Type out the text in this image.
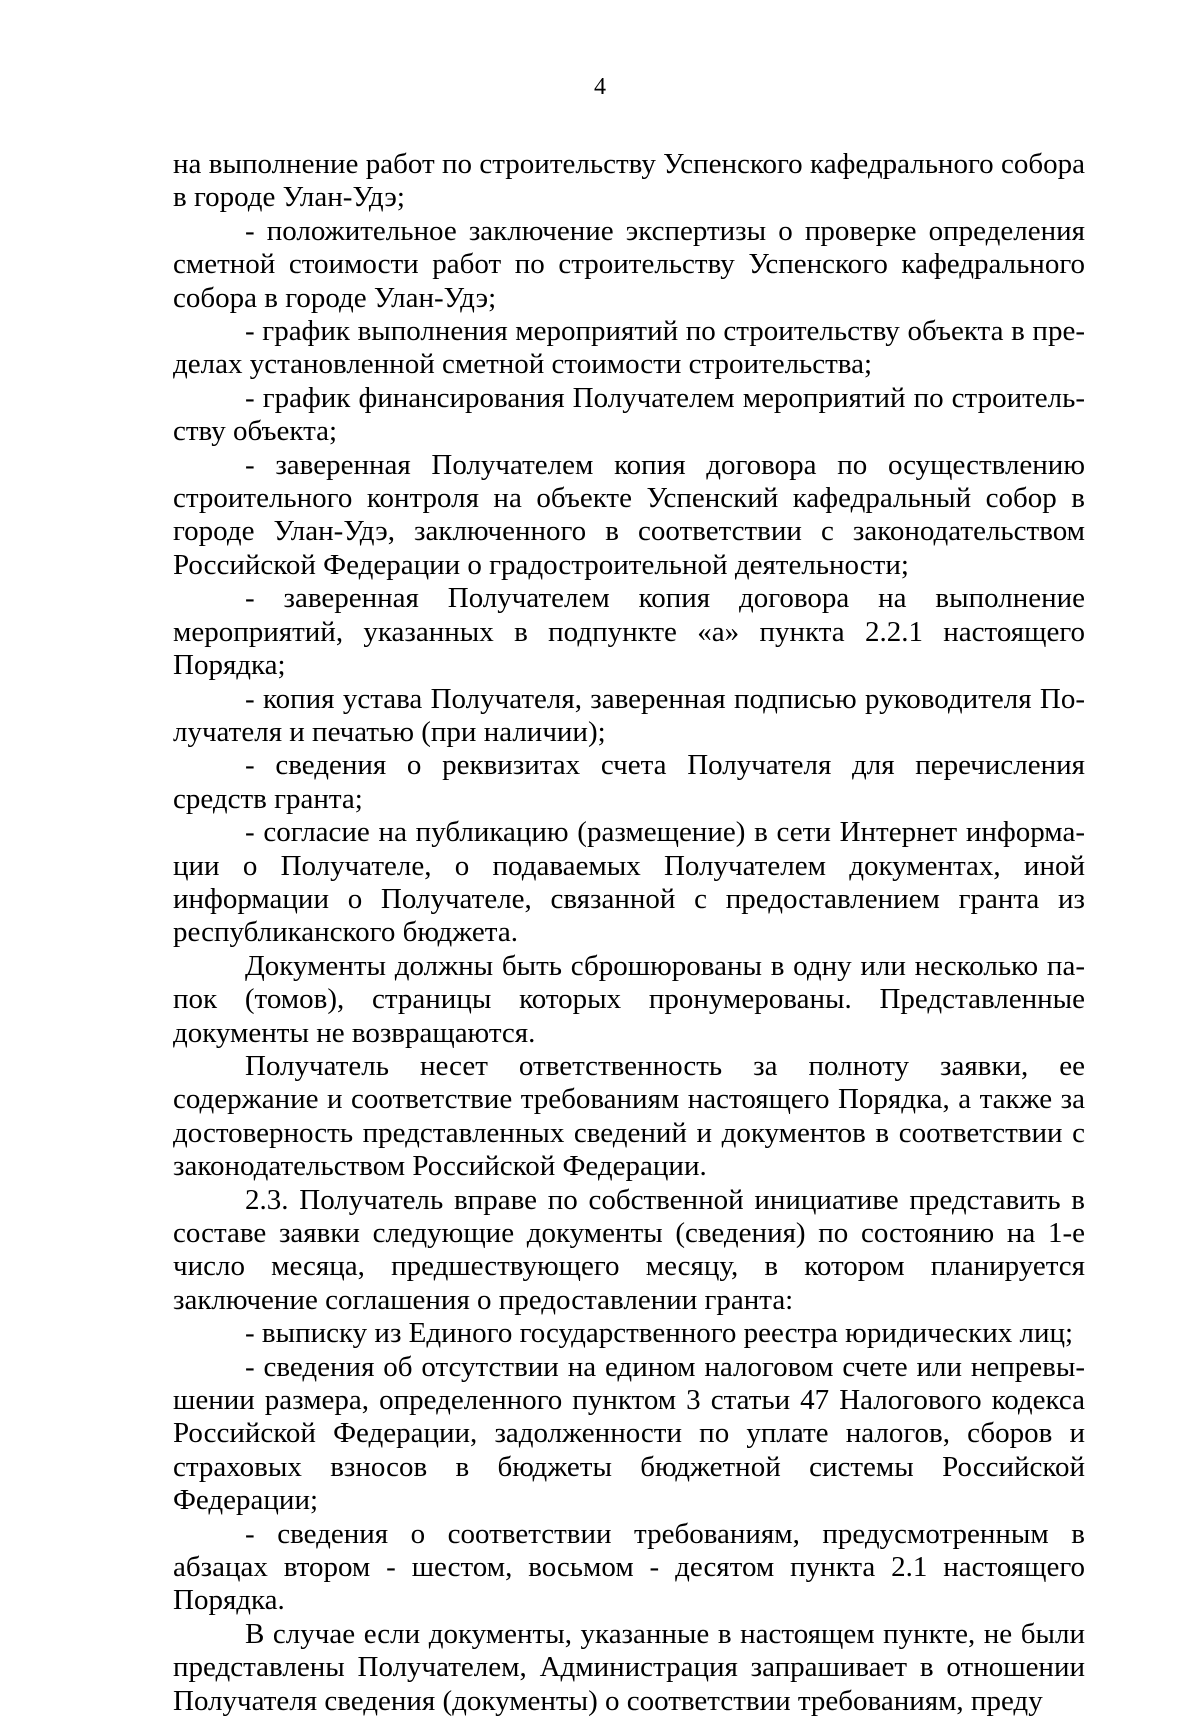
4

на выполнение работ по строительству Успенского кафедрального собора в городе Улан-Удэ;

- положительное заключение экспертизы о проверке определения сметной стоимости работ по строительству Успенского кафедрального собора в городе Улан-Удэ;

- график выполнения мероприятий по строительству объекта в пределах установленной сметной стоимости строительства;

- график финансирования Получателем мероприятий по строительству объекта;

- заверенная Получателем копия договора по осуществлению строительного контроля на объекте Успенский кафедральный собор в городе Улан-Удэ, заключенного в соответствии с законодательством Российской Федерации о градостроительной деятельности;

- заверенная Получателем копия договора на выполнение мероприятий, указанных в подпункте «а» пункта 2.2.1 настоящего Порядка;

- копия устава Получателя, заверенная подписью руководителя Получателя и печатью (при наличии);

- сведения о реквизитах счета Получателя для перечисления средств гранта;

- согласие на публикацию (размещение) в сети Интернет информации о Получателе, о подаваемых Получателем документах, иной информации о Получателе, связанной с предоставлением гранта из республиканского бюджета.

Документы должны быть сброшюрованы в одну или несколько папок (томов), страницы которых пронумерованы. Представленные документы не возвращаются.

Получатель несет ответственность за полноту заявки, ее содержание и соответствие требованиям настоящего Порядка, а также за достоверность представленных сведений и документов в соответствии с законодательством Российской Федерации.

2.3. Получатель вправе по собственной инициативе представить в составе заявки следующие документы (сведения) по состоянию на 1-е число месяца, предшествующего месяцу, в котором планируется заключение соглашения о предоставлении гранта:

- выписку из Единого государственного реестра юридических лиц;

- сведения об отсутствии на едином налоговом счете или непревышении размера, определенного пунктом 3 статьи 47 Налогового кодекса Российской Федерации, задолженности по уплате налогов, сборов и страховых взносов в бюджеты бюджетной системы Российской Федерации;

- сведения о соответствии требованиям, предусмотренным в абзацах втором - шестом, восьмом - десятом пункта 2.1 настоящего Порядка.

В случае если документы, указанные в настоящем пункте, не были представлены Получателем, Администрация запрашивает в отношении Получателя сведения (документы) о соответствии требованиям, преду
